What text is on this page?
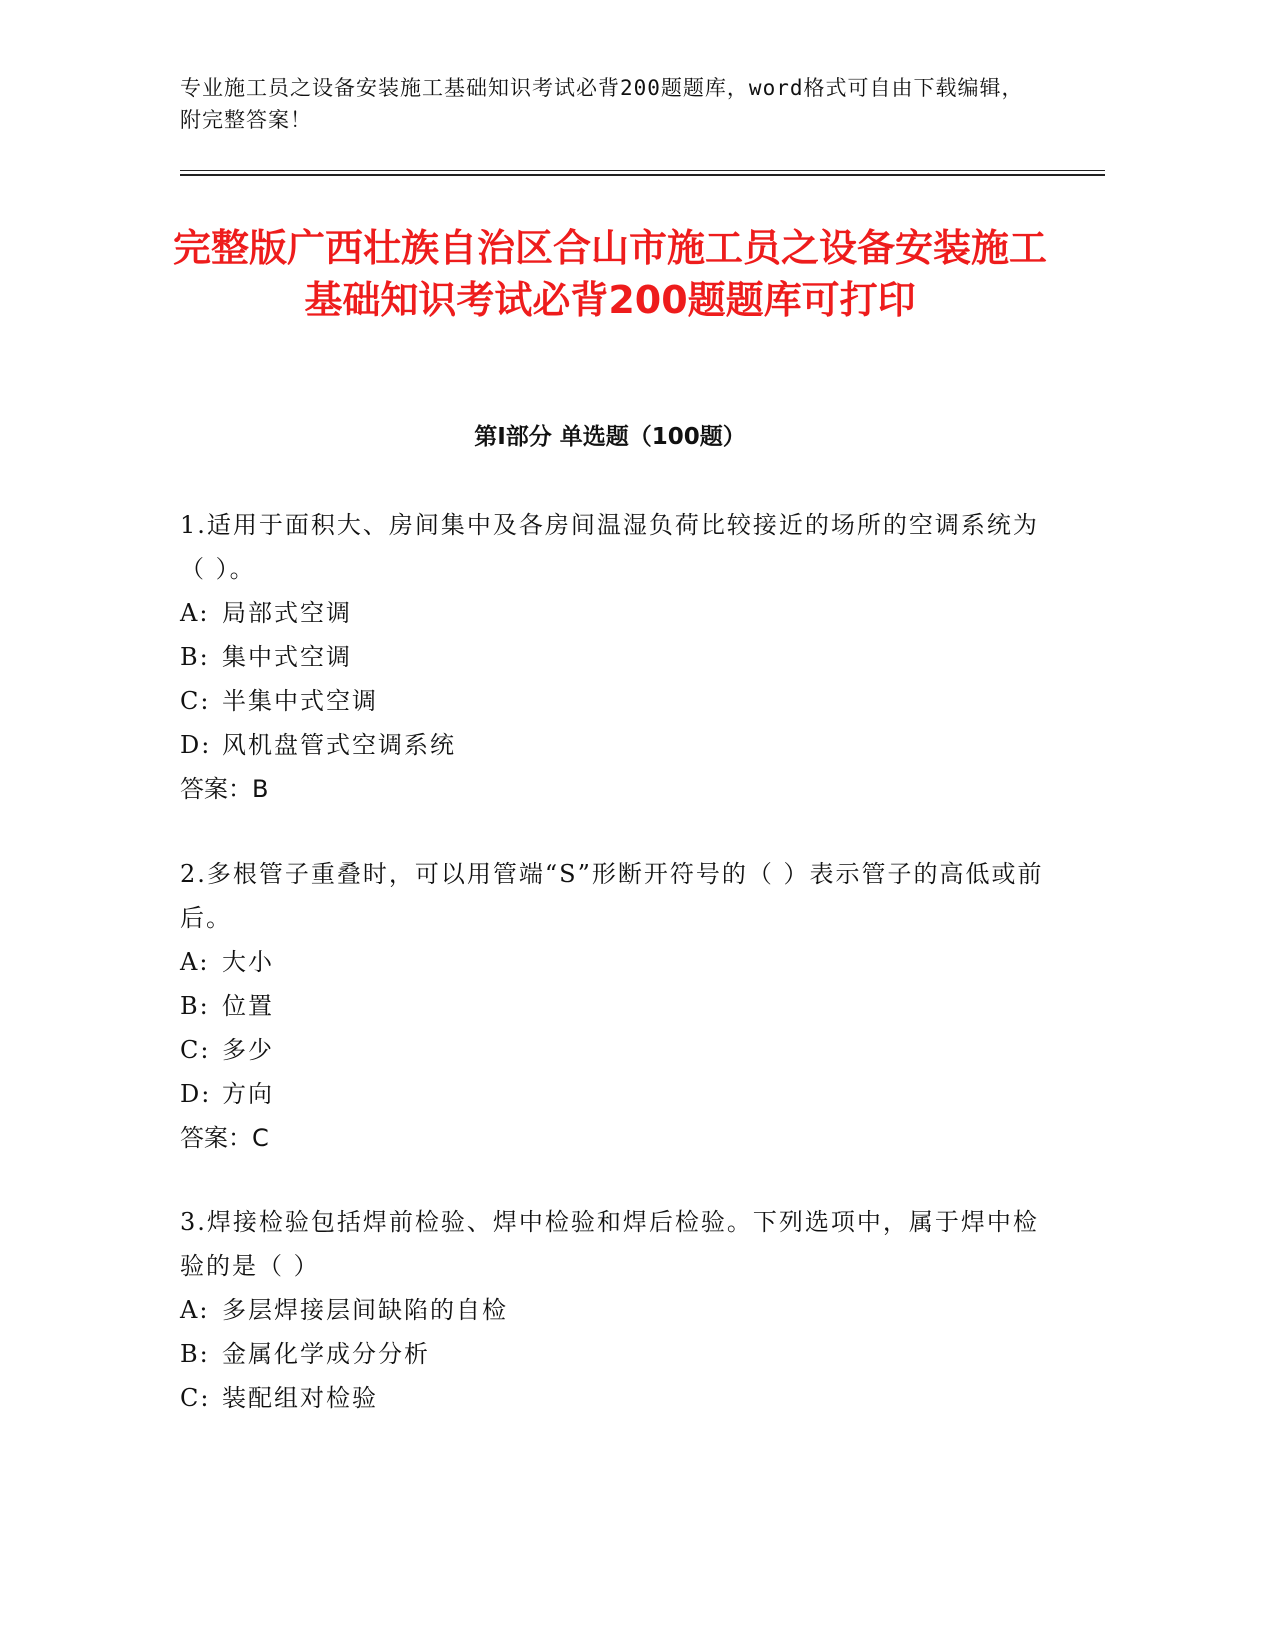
专业施工员之设备安装施工基础知识考试必背200题题库，word格式可自由下载编辑，附完整答案！
完整版广西壮族自治区合山市施工员之设备安装施工基础知识考试必背200题题库可打印
第Ⅰ部分 单选题（100题）
1.适用于面积大、房间集中及各房间温湿负荷比较接近的场所的空调系统为（ ）。
A: 局部式空调
B: 集中式空调
C: 半集中式空调
D: 风机盘管式空调系统
答案：B
2.多根管子重叠时，可以用管端“S”形断开符号的（ ）表示管子的高低或前后。
A: 大小
B: 位置
C: 多少
D: 方向
答案：C
3.焊接检验包括焊前检验、焊中检验和焊后检验。下列选项中，属于焊中检验的是（ ）
A: 多层焊接层间缺陷的自检
B: 金属化学成分分析
C: 装配组对检验
